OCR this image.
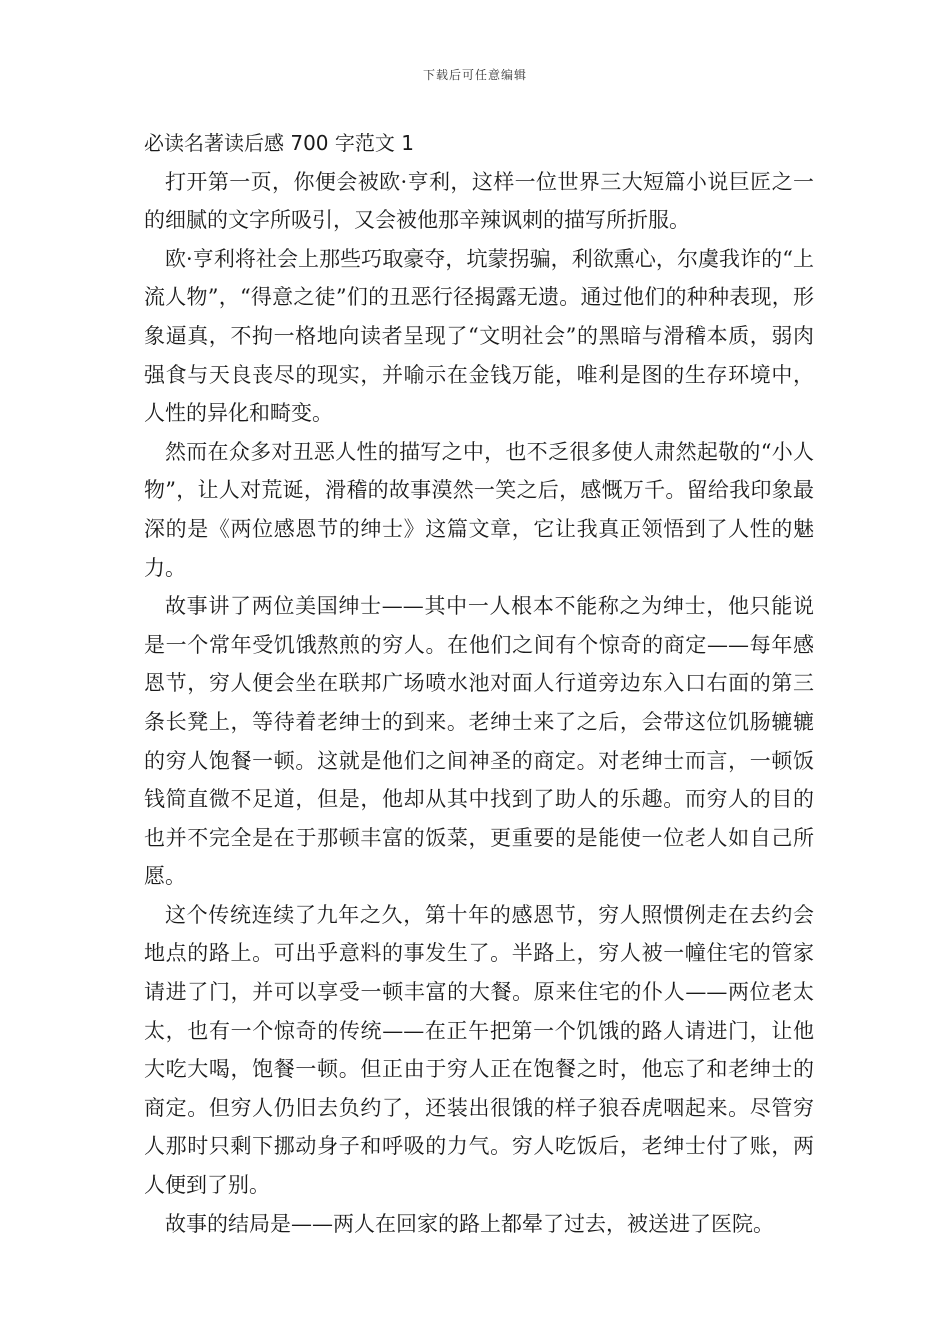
下载后可任意编辑
必读名著读后感 700 字范文 1

打开第一页，你便会被欧·亨利，这样一位世界三大短篇小说巨匠之一的细腻的文字所吸引，又会被他那辛辣讽刺的描写所折服。

欧·亨利将社会上那些巧取豪夺，坑蒙拐骗，利欲熏心，尔虞我诈的“上流人物”，“得意之徒”们的丑恶行径揭露无遗。通过他们的种种表现，形象逼真，不拘一格地向读者呈现了“文明社会”的黑暗与滑稽本质，弱肉强食与天良丧尽的现实，并喻示在金钱万能，唯利是图的生存环境中，人性的异化和畸变。

然而在众多对丑恶人性的描写之中，也不乏很多使人肃然起敬的“小人物”，让人对荒诞，滑稽的故事漠然一笑之后，感慨万千。留给我印象最深的是《两位感恩节的绅士》这篇文章，它让我真正领悟到了人性的魅力。

故事讲了两位美国绅士——其中一人根本不能称之为绅士，他只能说是一个常年受饥饿熬煎的穷人。在他们之间有个惊奇的商定——每年感恩节，穷人便会坐在联邦广场喷水池对面人行道旁边东入口右面的第三条长凳上，等待着老绅士的到来。老绅士来了之后，会带这位饥肠辘辘的穷人饱餐一顿。这就是他们之间神圣的商定。对老绅士而言，一顿饭钱简直微不足道，但是，他却从其中找到了助人的乐趣。而穷人的目的也并不完全是在于那顿丰富的饭菜，更重要的是能使一位老人如自己所愿。

这个传统连续了九年之久，第十年的感恩节，穷人照惯例走在去约会地点的路上。可出乎意料的事发生了。半路上，穷人被一幢住宅的管家请进了门，并可以享受一顿丰富的大餐。原来住宅的仆人——两位老太太，也有一个惊奇的传统——在正午把第一个饥饿的路人请进门，让他大吃大喝，饱餐一顿。但正由于穷人正在饱餐之时，他忘了和老绅士的商定。但穷人仍旧去负约了，还装出很饿的样子狼吞虎咽起来。尽管穷人那时只剩下挪动身子和呼吸的力气。穷人吃饭后，老绅士付了账，两人便到了别。

故事的结局是——两人在回家的路上都晕了过去，被送进了医院。
